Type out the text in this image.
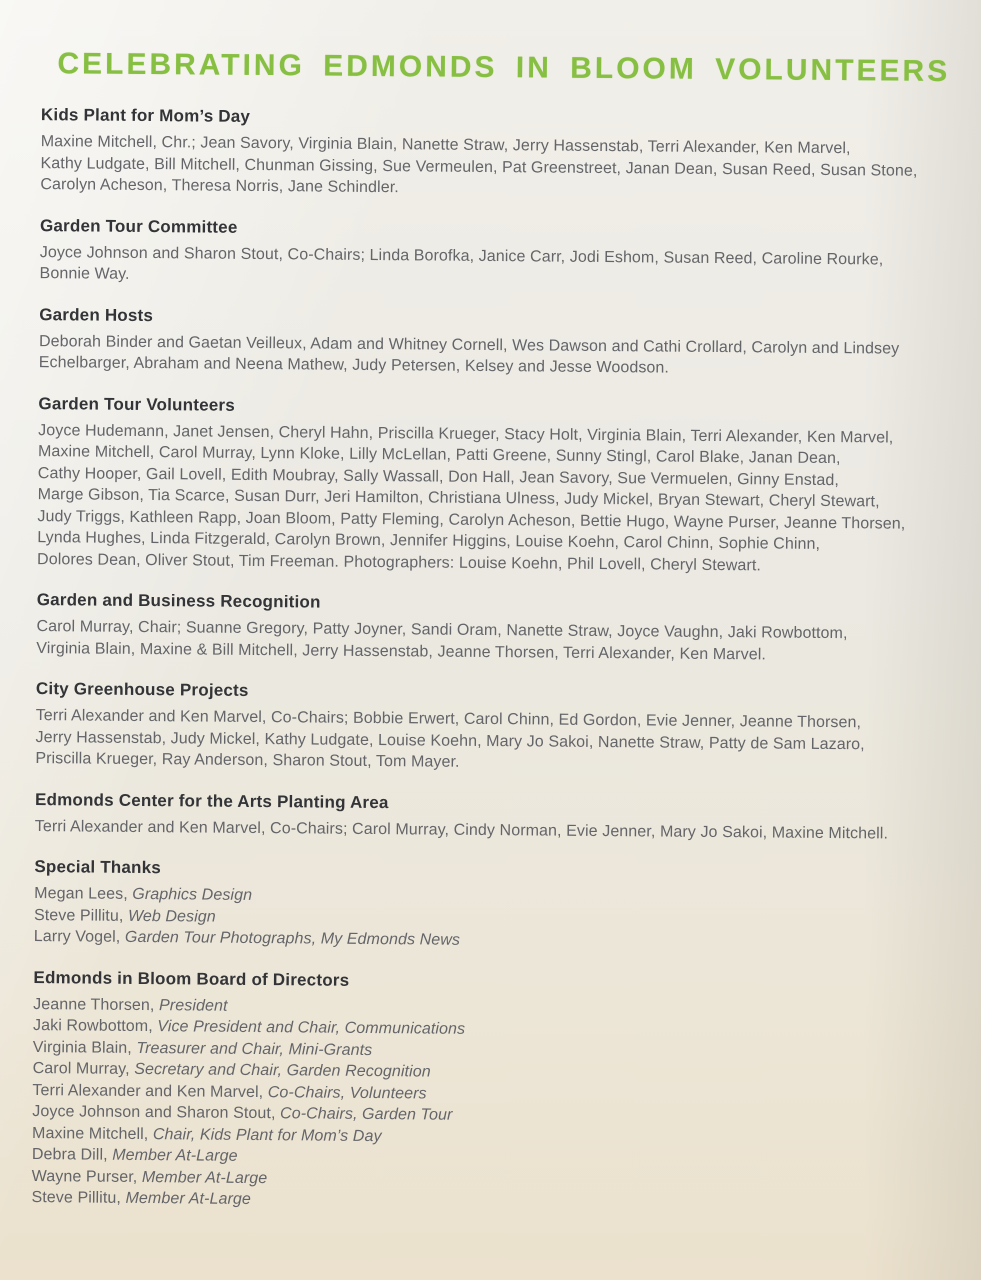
CELEBRATING EDMONDS IN BLOOM VOLUNTEERS
Kids Plant for Mom’s Day
Maxine Mitchell, Chr.; Jean Savory, Virginia Blain, Nanette Straw, Jerry Hassenstab, Terri Alexander, Ken Marvel,
Kathy Ludgate, Bill Mitchell, Chunman Gissing, Sue Vermeulen, Pat Greenstreet, Janan Dean, Susan Reed, Susan Stone,
Carolyn Acheson, Theresa Norris, Jane Schindler.
Garden Tour Committee
Joyce Johnson and Sharon Stout, Co-Chairs; Linda Borofka, Janice Carr, Jodi Eshom, Susan Reed, Caroline Rourke,
Bonnie Way.
Garden Hosts
Deborah Binder and Gaetan Veilleux, Adam and Whitney Cornell, Wes Dawson and Cathi Crollard, Carolyn and Lindsey
Echelbarger, Abraham and Neena Mathew, Judy Petersen, Kelsey and Jesse Woodson.
Garden Tour Volunteers
Joyce Hudemann, Janet Jensen, Cheryl Hahn, Priscilla Krueger, Stacy Holt, Virginia Blain, Terri Alexander, Ken Marvel,
Maxine Mitchell, Carol Murray, Lynn Kloke, Lilly McLellan, Patti Greene, Sunny Stingl, Carol Blake, Janan Dean,
Cathy Hooper, Gail Lovell, Edith Moubray, Sally Wassall, Don Hall, Jean Savory, Sue Vermuelen, Ginny Enstad,
Marge Gibson, Tia Scarce, Susan Durr, Jeri Hamilton, Christiana Ulness, Judy Mickel, Bryan Stewart, Cheryl Stewart,
Judy Triggs, Kathleen Rapp, Joan Bloom, Patty Fleming, Carolyn Acheson, Bettie Hugo, Wayne Purser, Jeanne Thorsen,
Lynda Hughes, Linda Fitzgerald, Carolyn Brown, Jennifer Higgins, Louise Koehn, Carol Chinn, Sophie Chinn,
Dolores Dean, Oliver Stout, Tim Freeman. Photographers: Louise Koehn, Phil Lovell, Cheryl Stewart.
Garden and Business Recognition
Carol Murray, Chair; Suanne Gregory, Patty Joyner, Sandi Oram, Nanette Straw, Joyce Vaughn, Jaki Rowbottom,
Virginia Blain, Maxine & Bill Mitchell, Jerry Hassenstab, Jeanne Thorsen, Terri Alexander, Ken Marvel.
City Greenhouse Projects
Terri Alexander and Ken Marvel, Co-Chairs; Bobbie Erwert, Carol Chinn, Ed Gordon, Evie Jenner, Jeanne Thorsen,
Jerry Hassenstab, Judy Mickel, Kathy Ludgate, Louise Koehn, Mary Jo Sakoi, Nanette Straw, Patty de Sam Lazaro,
Priscilla Krueger, Ray Anderson, Sharon Stout, Tom Mayer.
Edmonds Center for the Arts Planting Area
Terri Alexander and Ken Marvel, Co-Chairs; Carol Murray, Cindy Norman, Evie Jenner, Mary Jo Sakoi, Maxine Mitchell.
Special Thanks
Megan Lees, Graphics Design
Steve Pillitu, Web Design
Larry Vogel, Garden Tour Photographs, My Edmonds News
Edmonds in Bloom Board of Directors
Jeanne Thorsen, President
Jaki Rowbottom, Vice President and Chair, Communications
Virginia Blain, Treasurer and Chair, Mini-Grants
Carol Murray, Secretary and Chair, Garden Recognition
Terri Alexander and Ken Marvel, Co-Chairs, Volunteers
Joyce Johnson and Sharon Stout, Co-Chairs, Garden Tour
Maxine Mitchell, Chair, Kids Plant for Mom’s Day
Debra Dill, Member At-Large
Wayne Purser, Member At-Large
Steve Pillitu, Member At-Large
